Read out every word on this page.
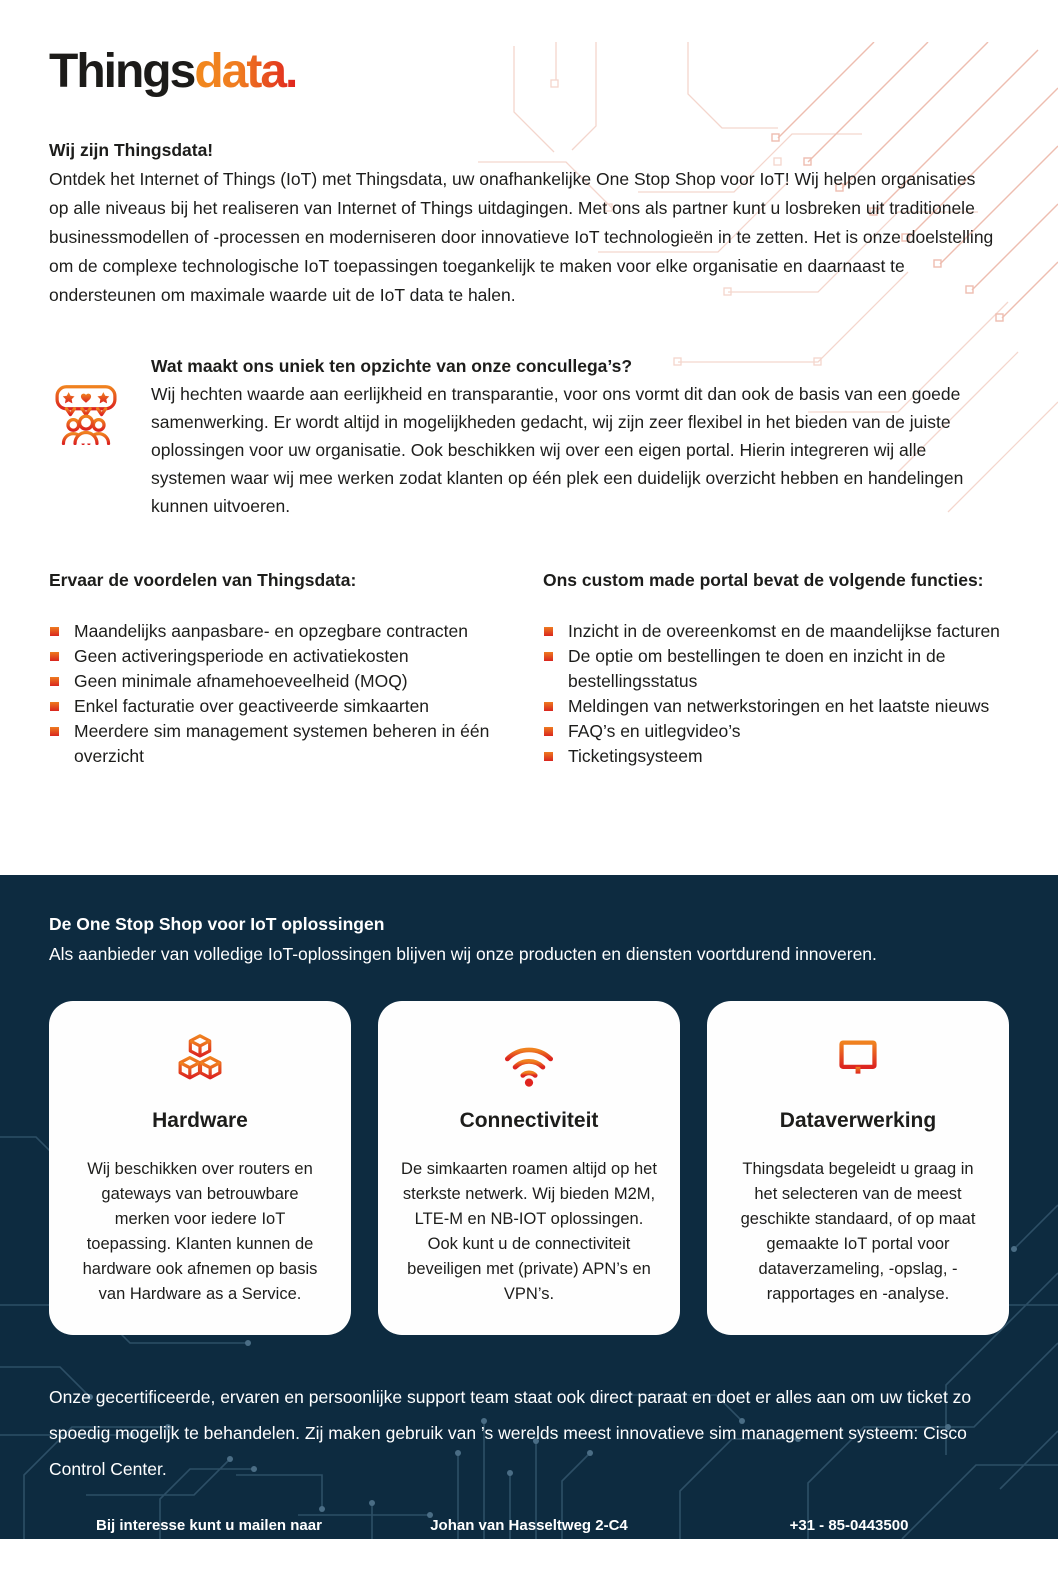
Thingsdata.
Wij zijn Thingsdata!

Ontdek het Internet of Things (IoT) met Thingsdata, uw onafhankelijke One Stop Shop voor IoT! Wij helpen organisaties op alle niveaus bij het realiseren van Internet of Things uitdagingen. Met ons als partner kunt u losbreken uit traditionele businessmodellen of -processen en moderniseren door innovatieve IoT technologieën in te zetten. Het is onze doelstelling om de complexe technologische IoT toepassingen toegankelijk te maken voor elke organisatie en daarnaast te ondersteunen om maximale waarde uit de IoT data te halen.

Wat maakt ons uniek ten opzichte van onze concullega’s?
Wij hechten waarde aan eerlijkheid en transparantie, voor ons vormt dit dan ook de basis van een goede samenwerking. Er wordt altijd in mogelijkheden gedacht, wij zijn zeer flexibel in het bieden van de juiste oplossingen voor uw organisatie. Ook beschikken wij over een eigen portal. Hierin integreren wij alle systemen waar wij mee werken zodat klanten op één plek een duidelijk overzicht hebben en handelingen kunnen uitvoeren.
Ervaar de voordelen van Thingsdata:
Maandelijks aanpasbare- en opzegbare contracten
Geen activeringsperiode en activatiekosten
Geen minimale afnamehoeveelheid (MOQ)
Enkel facturatie over geactiveerde simkaarten
Meerdere sim management systemen beheren in één overzicht
Ons custom made portal bevat de volgende functies:
Inzicht in de overeenkomst en de maandelijkse facturen
De optie om bestellingen te doen en inzicht in de bestellingsstatus
Meldingen van netwerkstoringen en het laatste nieuws
FAQ’s en uitlegvideo’s
Ticketingsysteem
De One Stop Shop voor IoT oplossingen
Als aanbieder van volledige IoT-oplossingen blijven wij onze producten en diensten voortdurend innoveren.
Hardware
Wij beschikken over routers en gateways van betrouwbare merken voor iedere IoT toepassing. Klanten kunnen de hardware ook afnemen op basis van Hardware as a Service.
Connectiviteit
De simkaarten roamen altijd op het sterkste netwerk. Wij bieden M2M, LTE-M en NB-IOT oplossingen. Ook kunt u de connectiviteit beveiligen met (private) APN’s en VPN’s.
Dataverwerking
Thingsdata begeleidt u graag in het selecteren van de meest geschikte standaard, of op maat gemaakte IoT portal voor dataverzameling, -opslag, -rapportages en -analyse.

Onze gecertificeerde, ervaren en persoonlijke support team staat ook direct paraat en doet er alles aan om uw ticket zo spoedig mogelijk te behandelen. Zij maken gebruik van ’s werelds meest innovatieve sim management systeem: Cisco Control Center.

Bij interesse kunt u mailen naar
info@thingsdata.com
Johan van Hasseltweg 2-C4
1022 WV Amsterdam
+31 - 85-0443500
www.thingsdata.com
